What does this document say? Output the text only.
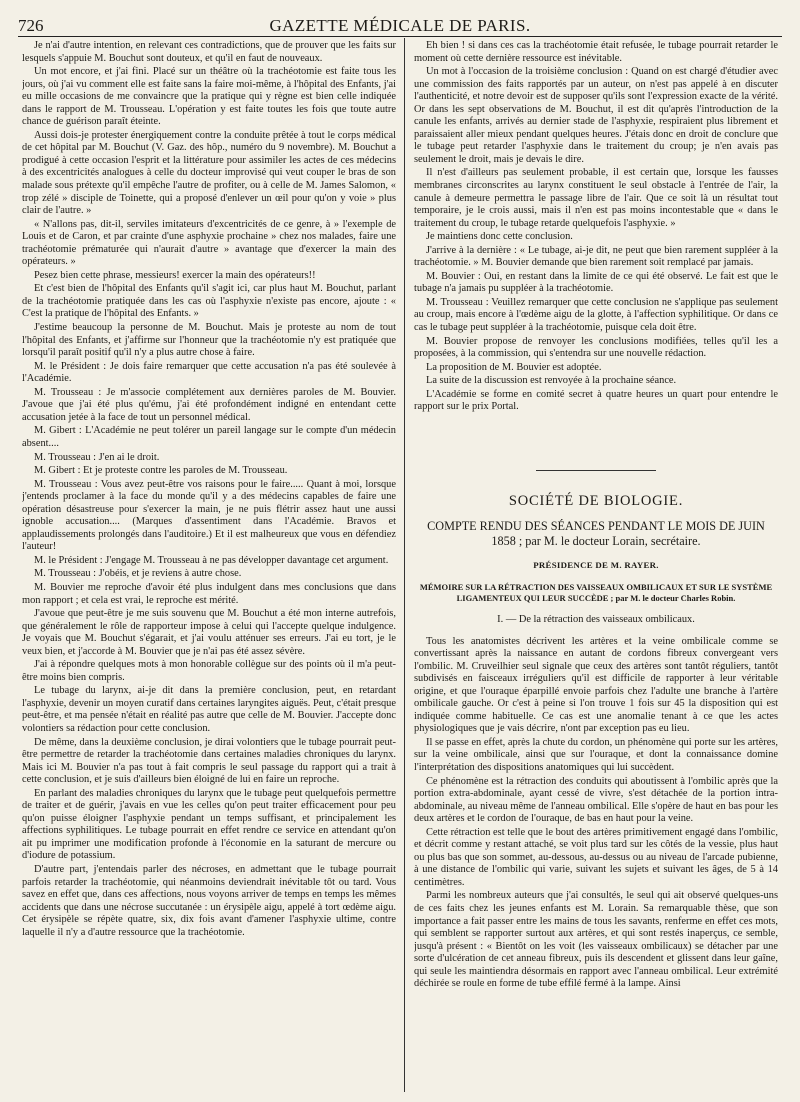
726	GAZETTE MÉDICALE DE PARIS.

Je n'ai d'autre intention, en relevant ces contradictions, que de prouver que les faits sur lesquels s'appuie M. Bouchut sont douteux, et qu'il en faut de nouveaux.

Un mot encore, et j'ai fini. Placé sur un théâtre où la trachéotomie est faite tous les jours, où j'ai vu comment elle est faite sans la faire moi-même, à l'hôpital des Enfants, j'ai eu mille occasions de me convaincre que la pratique qui y règne est bien celle indiquée dans le rapport de M. Trousseau. L'opération y est faite toutes les fois que toute autre chance de guérison paraît éteinte.

Aussi dois-je protester énergiquement contre la conduite prêtée à tout le corps médical de cet hôpital par M. Bouchut (V. Gaz. des hôp., numéro du 9 novembre). M. Bouchut a prodigué à cette occasion l'esprit et la littérature pour assimiler les actes de ces médecins à des excentricités analogues à celle du docteur improvisé qui veut couper le bras de son malade sous prétexte qu'il empêche l'autre de profiter, ou à celle de M. James Salomon, « trop zélé » disciple de Toinette, qui a proposé d'enlever un œil pour qu'on y voie » plus clair de l'autre. »

« N'allons pas, dit-il, serviles imitateurs d'excentricités de ce genre, à » l'exemple de Louis et de Caron, et par crainte d'une asphyxie prochaine » chez nos malades, faire une trachéotomie prématurée qui n'aurait d'autre » avantage que d'exercer la main des opérateurs. »

Pesez bien cette phrase, messieurs! exercer la main des opérateurs!!

Et c'est bien de l'hôpital des Enfants qu'il s'agit ici, car plus haut M. Bouchut, parlant de la trachéotomie pratiquée dans les cas où l'asphyxie n'existe pas encore, ajoute : « C'est la pratique de l'hôpital des Enfants. »

J'estime beaucoup la personne de M. Bouchut. Mais je proteste au nom de tout l'hôpital des Enfants, et j'affirme sur l'honneur que la trachéotomie n'y est pratiquée que lorsqu'il paraît positif qu'il n'y a plus autre chose à faire.

M. le Président : Je dois faire remarquer que cette accusation n'a pas été soulevée à l'Académie.

M. Trousseau : Je m'associe complétement aux dernières paroles de M. Bouvier. J'avoue que j'ai été plus qu'ému, j'ai été profondément indigné en entendant cette accusation jetée à la face de tout un personnel médical.

M. Gibert : L'Académie ne peut tolérer un pareil langage sur le compte d'un médecin absent....

M. Trousseau : J'en ai le droit.

M. Gibert : Et je proteste contre les paroles de M. Trousseau.

M. Trousseau : Vous avez peut-être vos raisons pour le faire..... Quant à moi, lorsque j'entends proclamer à la face du monde qu'il y a des médecins capables de faire une opération désastreuse pour s'exercer la main, je ne puis flétrir assez haut une aussi ignoble accusation.... (Marques d'assentiment dans l'Académie. Bravos et applaudissements prolongés dans l'auditoire.) Et il est malheureux que vous en défendiez l'auteur!

M. le Président : J'engage M. Trousseau à ne pas développer davantage cet argument.

M. Trousseau : J'obéis, et je reviens à autre chose.

M. Bouvier me reproche d'avoir été plus indulgent dans mes conclusions que dans mon rapport ; et cela est vrai, le reproche est mérité.

J'avoue que peut-être je me suis souvenu que M. Bouchut a été mon interne autrefois, que généralement le rôle de rapporteur impose à celui qui l'accepte quelque indulgence. Je voyais que M. Bouchut s'égarait, et j'ai voulu atténuer ses erreurs. J'ai eu tort, je le veux bien, et j'accorde à M. Bouvier que je n'ai pas été assez sévère.

J'ai à répondre quelques mots à mon honorable collègue sur des points où il m'a peut-être moins bien compris.

Le tubage du larynx, ai-je dit dans la première conclusion, peut, en retardant l'asphyxie, devenir un moyen curatif dans certaines laryngites aiguës. Peut, c'était presque peut-être, et ma pensée n'était en réalité pas autre que celle de M. Bouvier. J'accepte donc volontiers sa rédaction pour cette conclusion.

De même, dans la deuxième conclusion, je dirai volontiers que le tubage pourrait peut-être permettre de retarder la trachéotomie dans certaines maladies chroniques du larynx. Mais ici M. Bouvier n'a pas tout à fait compris le seul passage du rapport qui a trait à cette conclusion, et je suis d'ailleurs bien éloigné de lui en faire un reproche.

En parlant des maladies chroniques du larynx que le tubage peut quelquefois permettre de traiter et de guérir, j'avais en vue les celles qu'on peut traiter efficacement pour peu qu'on puisse éloigner l'asphyxie pendant un temps suffisant, et principalement les affections syphilitiques. Le tubage pourrait en effet rendre ce service en attendant qu'on ait pu imprimer une modification profonde à l'économie en la saturant de mercure ou d'iodure de potassium.

D'autre part, j'entendais parler des nécroses, en admettant que le tubage pourrait parfois retarder la trachéotomie, qui néanmoins deviendrait inévitable tôt ou tard. Vous savez en effet que, dans ces affections, nous voyons arriver de temps en temps les mêmes accidents que dans une nécrose succutanée : un érysipèle aigu, appelé à tort œdème aigu. Cet érysipèle se répète quatre, six, dix fois avant d'amener l'asphyxie ultime, contre laquelle il n'y a d'autre ressource que la trachéotomie.

Eh bien ! si dans ces cas la trachéotomie était refusée, le tubage pourrait retarder le moment où cette dernière ressource est inévitable.

Un mot à l'occasion de la troisième conclusion : Quand on est chargé d'étudier avec une commission des faits rapportés par un auteur, on n'est pas appelé à en discuter l'authenticité, et notre devoir est de supposer qu'ils sont l'expression exacte de la vérité. Or dans les sept observations de M. Bouchut, il est dit qu'après l'introduction de la canule les enfants, arrivés au dernier stade de l'asphyxie, respiraient plus librement et paraissaient aller mieux pendant quelques heures. J'étais donc en droit de conclure que le tubage peut retarder l'asphyxie dans le traitement du croup; je n'en avais pas seulement le droit, mais je devais le dire.

Il n'est d'ailleurs pas seulement probable, il est certain que, lorsque les fausses membranes circonscrites au larynx constituent le seul obstacle à l'entrée de l'air, la canule à demeure permettra le passage libre de l'air. Que ce soit là un résultat tout temporaire, je le crois aussi, mais il n'en est pas moins incontestable que « dans le traitement du croup, le tubage retarde quelquefois l'asphyxie. »

Je maintiens donc cette conclusion.

J'arrive à la dernière : « Le tubage, ai-je dit, ne peut que bien rarement suppléer à la trachéotomie. » M. Bouvier demande que bien rarement soit remplacé par jamais.

M. Bouvier : Oui, en restant dans la limite de ce qui été observé. Le fait est que le tubage n'a jamais pu suppléer à la trachéotomie.

M. Trousseau : Veuillez remarquer que cette conclusion ne s'applique pas seulement au croup, mais encore à l'œdème aigu de la glotte, à l'affection syphilitique. Or dans ce cas le tubage peut suppléer à la trachéotomie, puisque cela doit être.

M. Bouvier propose de renvoyer les conclusions modifiées, telles qu'il les a proposées, à la commission, qui s'entendra sur une nouvelle rédaction.

La proposition de M. Bouvier est adoptée.

La suite de la discussion est renvoyée à la prochaine séance.

L'Académie se forme en comité secret à quatre heures un quart pour entendre le rapport sur le prix Portal.

SOCIÉTÉ DE BIOLOGIE.
COMPTE RENDU DES SÉANCES PENDANT LE MOIS DE JUIN 1858 ; par M. le docteur Lorain, secrétaire.
PRÉSIDENCE DE M. RAYER.
MÉMOIRE SUR LA RÉTRACTION DES VAISSEAUX OMBILICAUX ET SUR LE SYSTÈME LIGAMENTEUX QUI LEUR SUCCÈDE ; par M. le docteur Charles Robin.
I. — De la rétraction des vaisseaux ombilicaux.

Tous les anatomistes décrivent les artères et la veine ombilicale comme se convertissant après la naissance en autant de cordons fibreux convergeant vers l'ombilic. M. Cruveilhier seul signale que ceux des artères sont tantôt réguliers, tantôt subdivisés en faisceaux irréguliers qu'il est difficile de rapporter à leur véritable origine, et que l'ouraque éparpillé envoie parfois chez l'adulte une branche à l'artère ombilicale gauche. Or c'est à peine si l'on trouve 1 fois sur 45 la disposition qui est indiquée comme habituelle. Ce cas est une anomalie tenant à ce que les actes physiologiques que je vais décrire, n'ont par exception pas eu lieu.

Il se passe en effet, après la chute du cordon, un phénomène qui porte sur les artères, sur la veine ombilicale, ainsi que sur l'ouraque, et dont la connaissance domine l'interprétation des dispositions anatomiques qui lui succèdent.

Ce phénomène est la rétraction des conduits qui aboutissent à l'ombilic après que la portion extra-abdominale, ayant cessé de vivre, s'est détachée de la portion intra-abdominale, au niveau même de l'anneau ombilical. Elle s'opère de haut en bas pour les deux artères et le cordon de l'ouraque, de bas en haut pour la veine.

Cette rétraction est telle que le bout des artères primitivement engagé dans l'ombilic, et décrit comme y restant attaché, se voit plus tard sur les côtés de la vessie, plus haut ou plus bas que son sommet, au-dessous, au-dessus ou au niveau de l'arcade pubienne, à une distance de l'ombilic qui varie, suivant les sujets et suivant les âges, de 5 à 14 centimètres.

Parmi les nombreux auteurs que j'ai consultés, le seul qui ait observé quelques-uns de ces faits chez les jeunes enfants est M. Lorain. Sa remarquable thèse, que son importance a fait passer entre les mains de tous les savants, renferme en effet ces mots, qui semblent se rapporter surtout aux artères, et qui sont restés inaperçus, ce semble, jusqu'à présent : « Bientôt on les voit (les vaisseaux ombilicaux) se détacher par une sorte d'ulcération de cet anneau fibreux, puis ils descendent et glissent dans leur gaîne, qui seule les maintiendra désormais en rapport avec l'anneau ombilical. Leur extrémité déchirée se roule en forme de tube effilé fermé à la lampe. Ainsi
